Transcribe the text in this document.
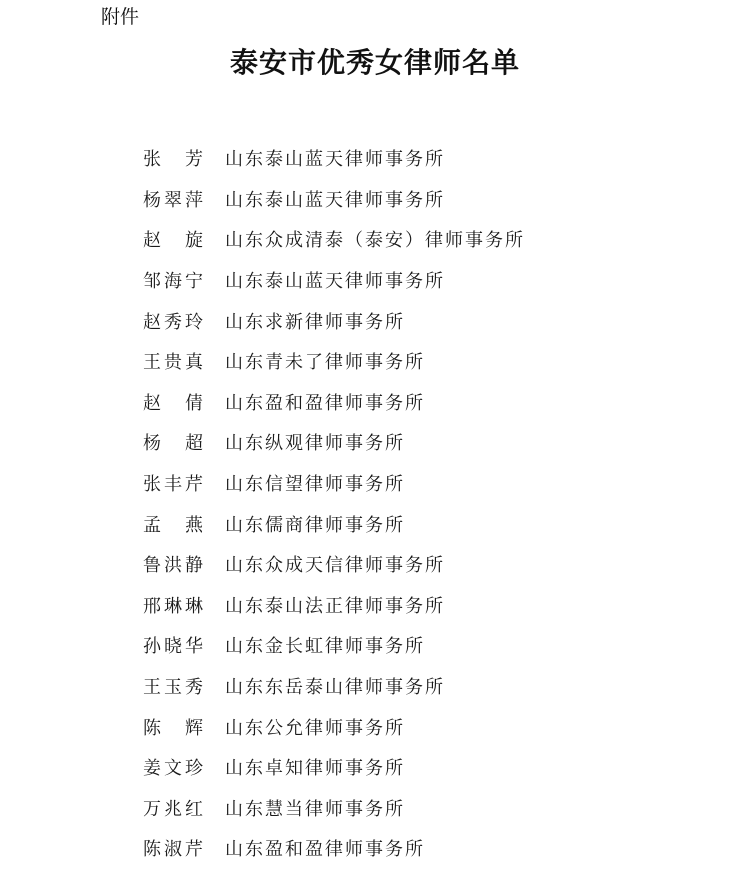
附件
泰安市优秀女律师名单
张 芳 山东泰山蓝天律师事务所
杨 翠 萍 山东泰山蓝天律师事务所
赵 旋 山东众成清泰（泰安）律师事务所
邹 海 宁 山东泰山蓝天律师事务所
赵 秀 玲 山东求新律师事务所
王 贵 真 山东青未了律师事务所
赵 倩 山东盈和盈律师事务所
杨 超 山东纵观律师事务所
张 丰 芹 山东信望律师事务所
孟 燕 山东儒商律师事务所
鲁 洪 静 山东众成天信律师事务所
邢 琳 琳 山东泰山法正律师事务所
孙 晓 华 山东金长虹律师事务所
王 玉 秀 山东东岳泰山律师事务所
陈 辉 山东公允律师事务所
姜 文 珍 山东卓知律师事务所
万 兆 红 山东慧当律师事务所
陈 淑 芹 山东盈和盈律师事务所
